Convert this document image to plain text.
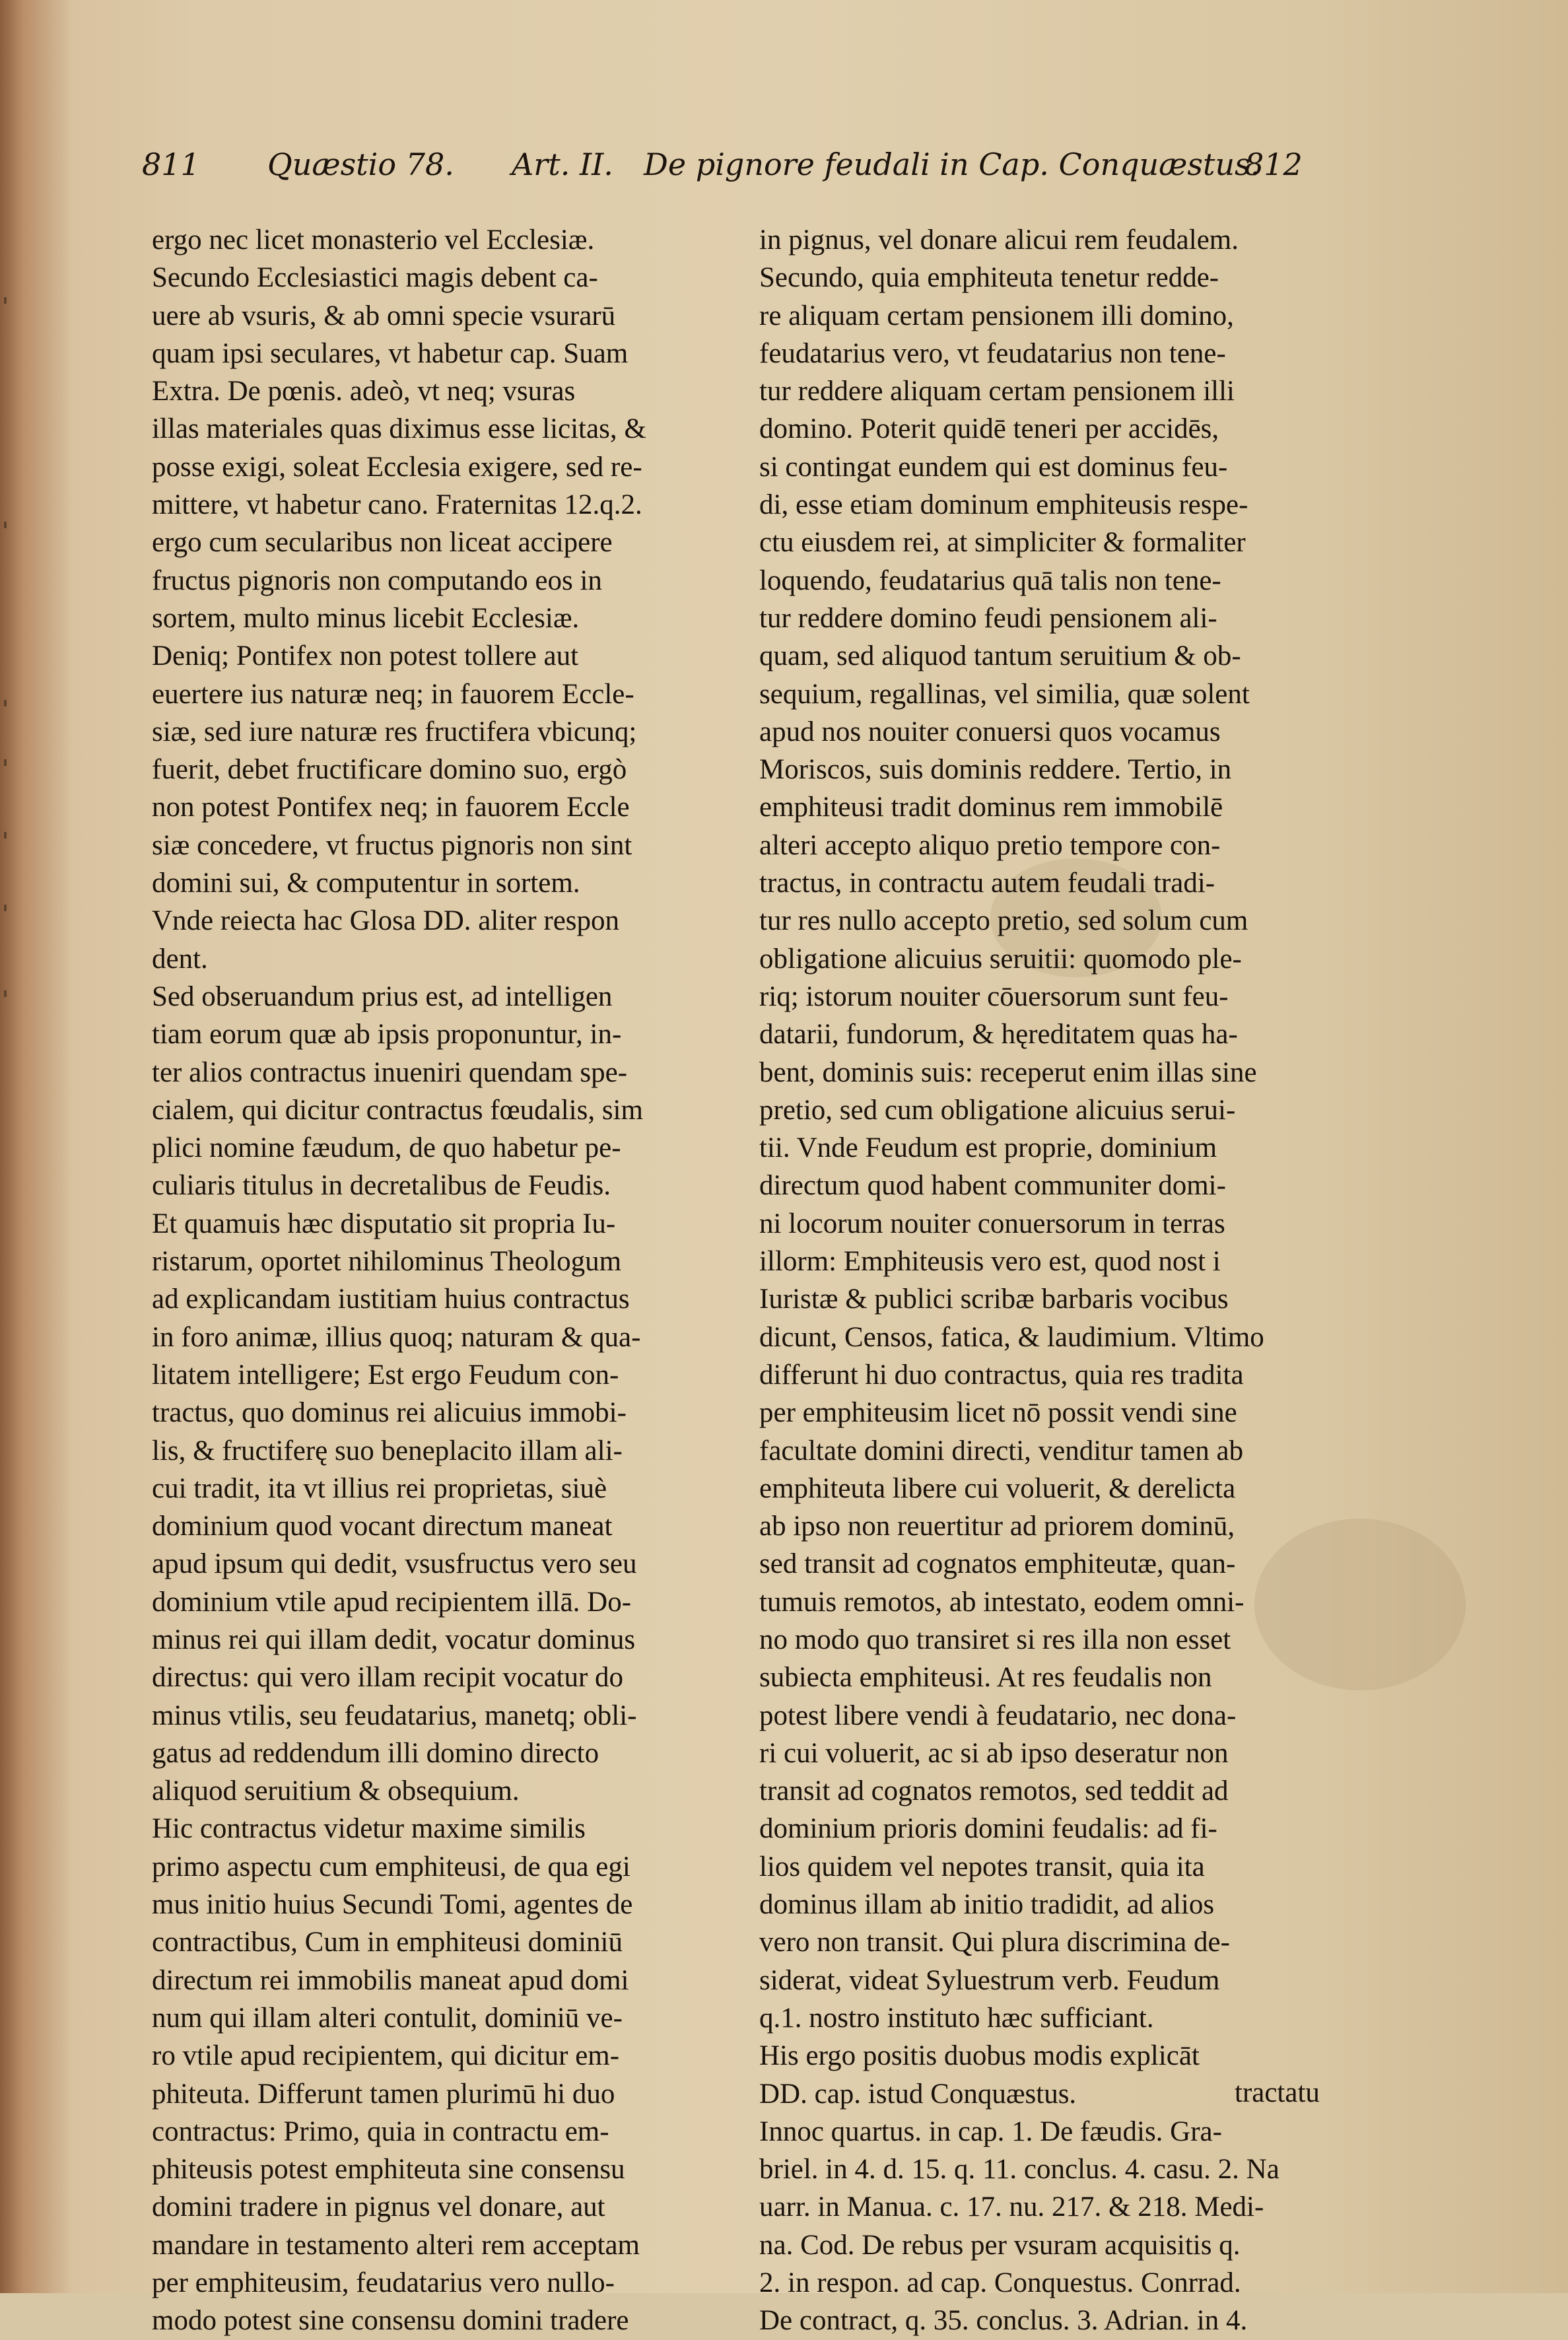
811 Quæstio 78. Art. II. De pignore feudali in Cap. Conquæstus.
812

ergo nec licet monasterio vel Ecclesiæ.

Secundo Ecclesiastici magis debent ca-

uere ab vsuris, & ab omni specie vsurarū

quam ipsi seculares, vt habetur cap. Suam

Extra. De pœnis. adeò, vt neq; vsuras

illas materiales quas diximus esse licitas, &

posse exigi, soleat Ecclesia exigere, sed re-

mittere, vt habetur cano. Fraternitas 12.q.2.

ergo cum secularibus non liceat accipere

fructus pignoris non computando eos in

sortem, multo minus licebit Ecclesiæ.

Deniq; Pontifex non potest tollere aut

euertere ius naturæ neq; in fauorem Eccle-

siæ, sed iure naturæ res fructifera vbicunq;

fuerit, debet fructificare domino suo, ergò

non potest Pontifex neq; in fauorem Eccle

siæ concedere, vt fructus pignoris non sint

domini sui, & computentur in sortem.

Vnde reiecta hac Glosa DD. aliter respon

dent.

Sed obseruandum prius est, ad intelligen

tiam eorum quæ ab ipsis proponuntur, in-

ter alios contractus inueniri quendam spe-

cialem, qui dicitur contractus fœudalis, sim

plici nomine fæudum, de quo habetur pe-

culiaris titulus in decretalibus de Feudis.

Et quamuis hæc disputatio sit propria Iu-

ristarum, oportet nihilominus Theologum

ad explicandam iustitiam huius contractus

in foro animæ, illius quoq; naturam & qua-

litatem intelligere; Est ergo Feudum con-

tractus, quo dominus rei alicuius immobi-

lis, & fructiferę suo beneplacito illam ali-

cui tradit, ita vt illius rei proprietas, siuè

dominium quod vocant directum maneat

apud ipsum qui dedit, vsusfructus vero seu

dominium vtile apud recipientem illā. Do-

minus rei qui illam dedit, vocatur dominus

directus: qui vero illam recipit vocatur do

minus vtilis, seu feudatarius, manetq; obli-

gatus ad reddendum illi domino directo

aliquod seruitium & obsequium.

Hic contractus videtur maxime similis

primo aspectu cum emphiteusi, de qua egi

mus initio huius Secundi Tomi, agentes de

contractibus, Cum in emphiteusi dominiū

directum rei immobilis maneat apud domi

num qui illam alteri contulit, dominiū ve-

ro vtile apud recipientem, qui dicitur em-

phiteuta. Differunt tamen plurimū hi duo

contractus: Primo, quia in contractu em-

phiteusis potest emphiteuta sine consensu

domini tradere in pignus vel donare, aut

mandare in testamento alteri rem acceptam

per emphiteusim, feudatarius vero nullo-

modo potest sine consensu domini tradere

in pignus, vel donare alicui rem feudalem.

Secundo, quia emphiteuta tenetur redde-

re aliquam certam pensionem illi domino,

feudatarius vero, vt feudatarius non tene-

tur reddere aliquam certam pensionem illi

domino. Poterit quidē teneri per accidēs,

si contingat eundem qui est dominus feu-

di, esse etiam dominum emphiteusis respe-

ctu eiusdem rei, at simpliciter & formaliter

loquendo, feudatarius quā talis non tene-

tur reddere domino feudi pensionem ali-

quam, sed aliquod tantum seruitium & ob-

sequium, regallinas, vel similia, quæ solent

apud nos nouiter conuersi quos vocamus

Moriscos, suis dominis reddere. Tertio, in

emphiteusi tradit dominus rem immobilē

alteri accepto aliquo pretio tempore con-

tractus, in contractu autem feudali tradi-

tur res nullo accepto pretio, sed solum cum

obligatione alicuius seruitii: quomodo ple-

riq; istorum nouiter cōuersorum sunt feu-

datarii, fundorum, & hęreditatem quas ha-

bent, dominis suis: receperut enim illas sine

pretio, sed cum obligatione alicuius serui-

tii. Vnde Feudum est proprie, dominium

directum quod habent communiter domi-

ni locorum nouiter conuersorum in terras

illorm: Emphiteusis vero est, quod nost i

Iuristæ & publici scribæ barbaris vocibus

dicunt, Censos, fatica, & laudimium. Vltimo

differunt hi duo contractus, quia res tradita

per emphiteusim licet nō possit vendi sine

facultate domini directi, venditur tamen ab

emphiteuta libere cui voluerit, & derelicta

ab ipso non reuertitur ad priorem dominū,

sed transit ad cognatos emphiteutæ, quan-

tumuis remotos, ab intestato, eodem omni-

no modo quo transiret si res illa non esset

subiecta emphiteusi. At res feudalis non

potest libere vendi à feudatario, nec dona-

ri cui voluerit, ac si ab ipso deseratur non

transit ad cognatos remotos, sed teddit ad

dominium prioris domini feudalis: ad fi-

lios quidem vel nepotes transit, quia ita

dominus illam ab initio tradidit, ad alios

vero non transit. Qui plura discrimina de-

siderat, videat Syluestrum verb. Feudum

q.1. nostro instituto hæc sufficiant.

His ergo positis duobus modis explicāt

DD. cap. istud Conquæstus.

Innoc quartus. in cap. 1. De fæudis. Gra-

briel. in 4. d. 15. q. 11. conclus. 4. casu. 2. Na

uarr. in Manua. c. 17. nu. 217. & 218. Medi-

na. Cod. De rebus per vsuram acquisitis q.

2. in respon. ad cap. Conquestus. Conrrad.

De contract, q. 35. conclus. 3. Adrian. in 4.

tractatu
